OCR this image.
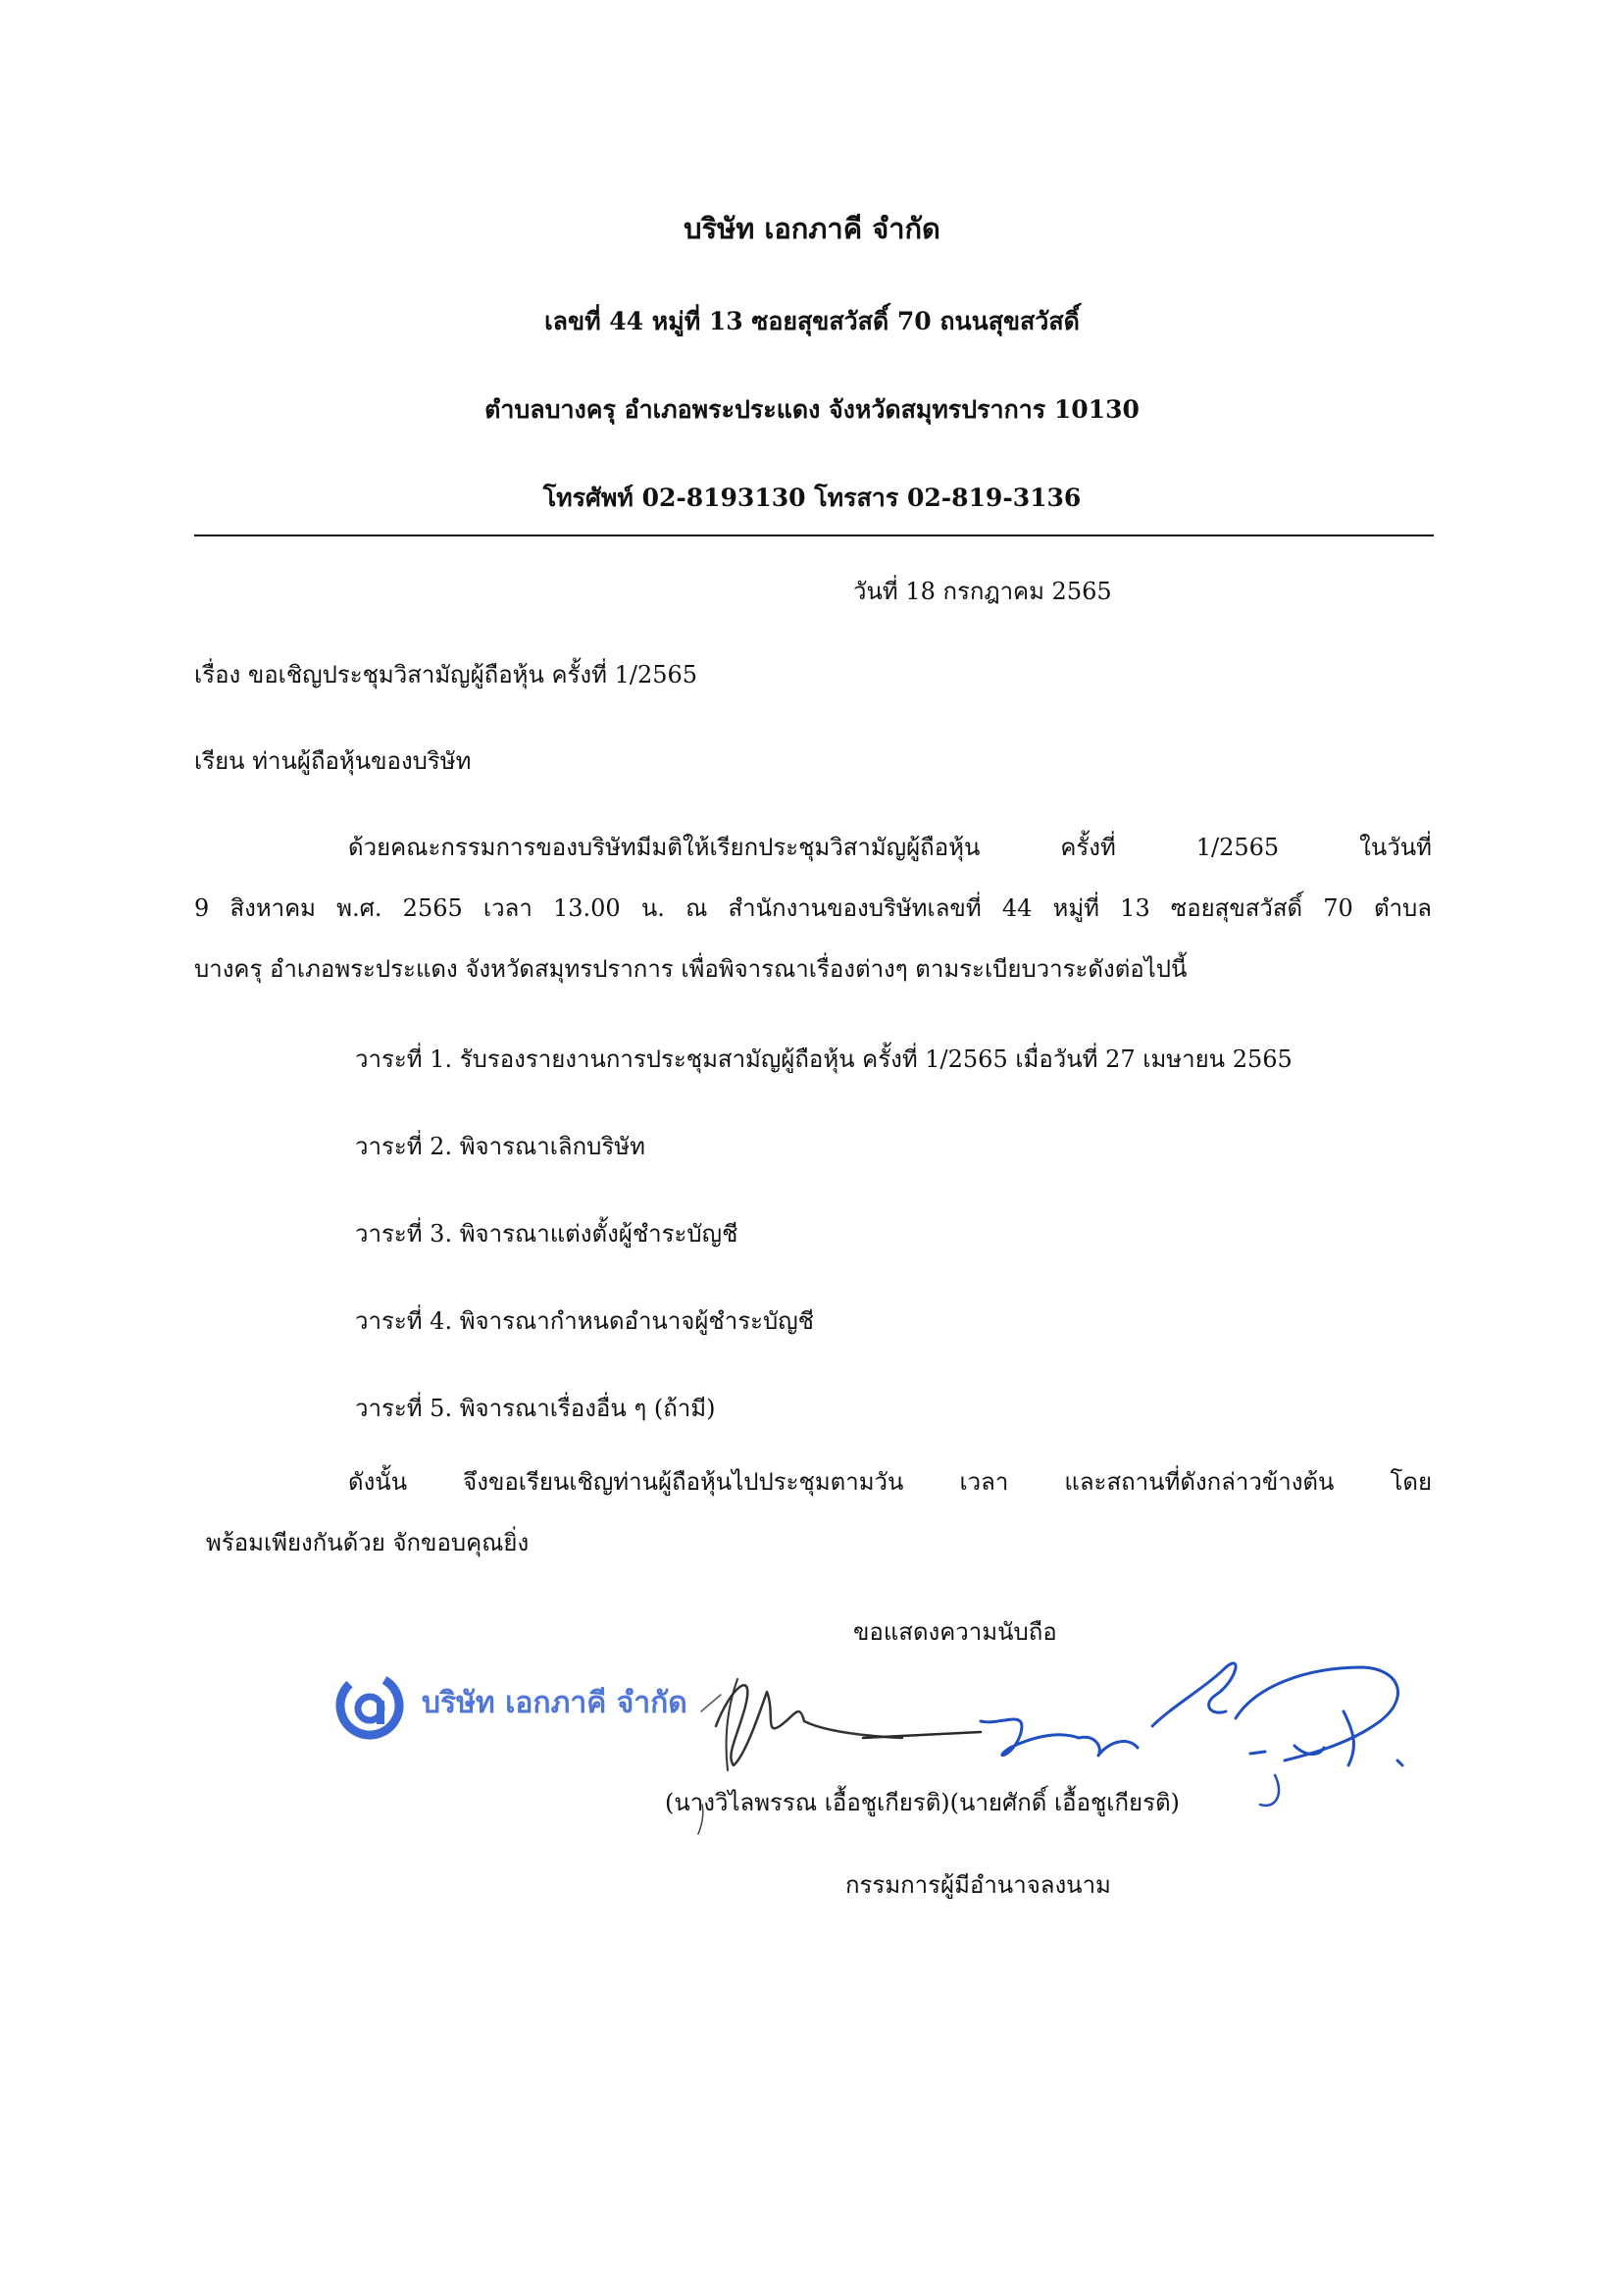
บริษัท เอกภาคี จำกัด
เลขที่ 44 หมู่ที่ 13 ซอยสุขสวัสดิ์ 70 ถนนสุขสวัสดิ์
ตำบลบางครุ อำเภอพระประแดง จังหวัดสมุทรปราการ 10130
โทรศัพท์ 02-8193130 โทรสาร 02-819-3136
วันที่ 18 กรกฎาคม 2565
เรื่อง ขอเชิญประชุมวิสามัญผู้ถือหุ้น ครั้งที่ 1/2565
เรียน ท่านผู้ถือหุ้นของบริษัท
ด้วยคณะกรรมการของบริษัทมีมติให้เรียกประชุมวิสามัญผู้ถือหุ้น ครั้งที่ 1/2565 ในวันที่
9 สิงหาคม พ.ศ. 2565 เวลา 13.00 น. ณ สำนักงานของบริษัทเลขที่ 44 หมู่ที่ 13 ซอยสุขสวัสดิ์ 70 ตำบล
บางครุ อำเภอพระประแดง จังหวัดสมุทรปราการ เพื่อพิจารณาเรื่องต่างๆ ตามระเบียบวาระดังต่อไปนี้
วาระที่ 1. รับรองรายงานการประชุมสามัญผู้ถือหุ้น ครั้งที่ 1/2565 เมื่อวันที่ 27 เมษายน 2565
วาระที่ 2. พิจารณาเลิกบริษัท
วาระที่ 3. พิจารณาแต่งตั้งผู้ชำระบัญชี
วาระที่ 4. พิจารณากำหนดอำนาจผู้ชำระบัญชี
วาระที่ 5. พิจารณาเรื่องอื่น ๆ (ถ้ามี)
ดังนั้น จึงขอเรียนเชิญท่านผู้ถือหุ้นไปประชุมตามวัน เวลา และสถานที่ดังกล่าวข้างต้น โดย
พร้อมเพียงกันด้วย จักขอบคุณยิ่ง
ขอแสดงความนับถือ
บริษัท เอกภาคี จำกัด
(นางวิไลพรรณ เอื้อชูเกียรติ)(นายศักดิ์ เอื้อชูเกียรติ)
กรรมการผู้มีอำนาจลงนาม
